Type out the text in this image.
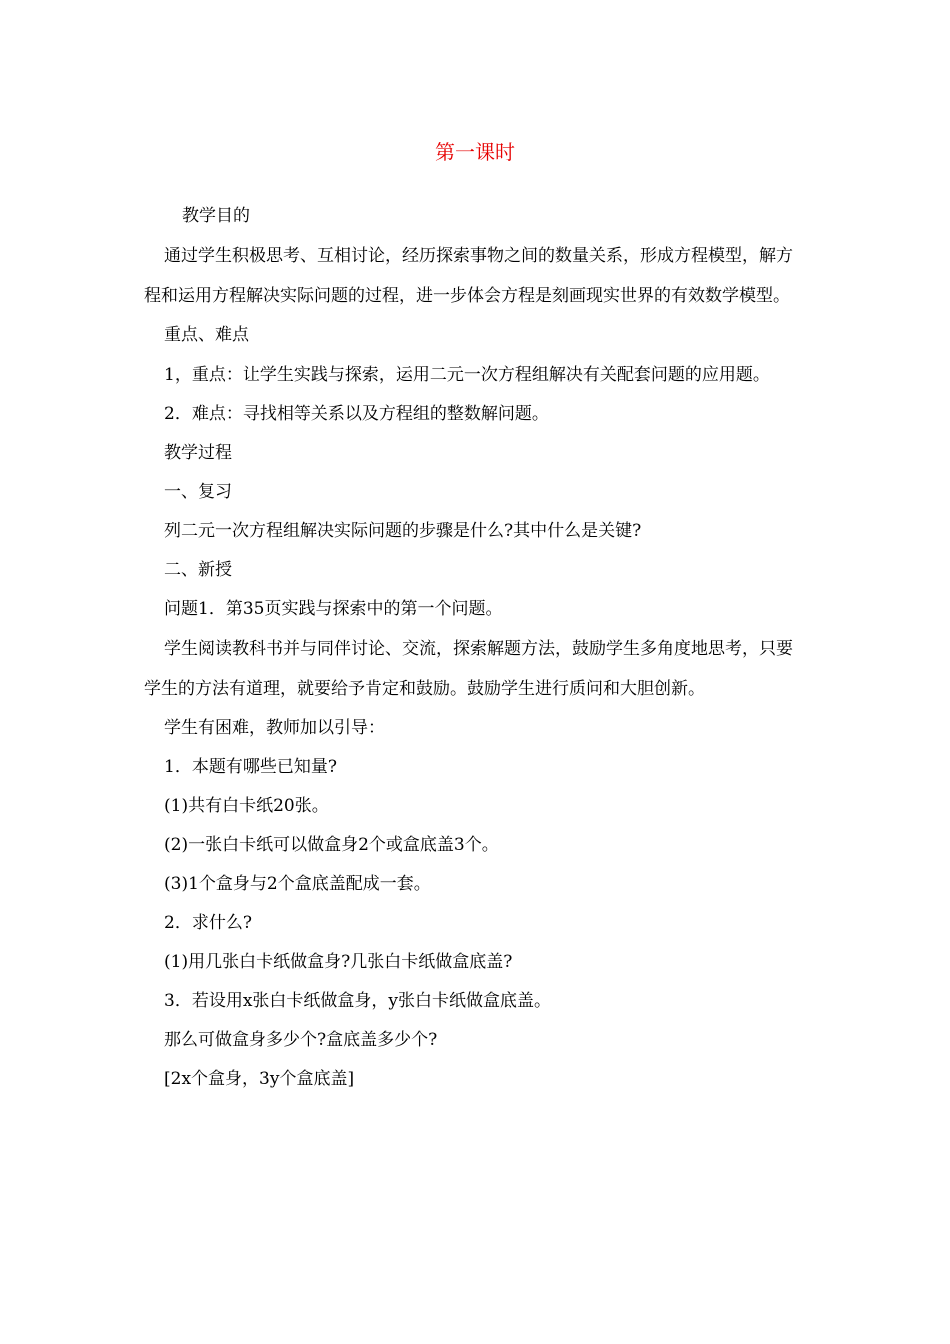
第一课时

教学目的

通过学生积极思考、互相讨论，经历探索事物之间的数量关系，形成方程模型，解方程和运用方程解决实际问题的过程，进一步体会方程是刻画现实世界的有效数学模型。

重点、难点

1，重点：让学生实践与探索，运用二元一次方程组解决有关配套问题的应用题。

2．难点：寻找相等关系以及方程组的整数解问题。

教学过程

一、复习

列二元一次方程组解决实际问题的步骤是什么?其中什么是关键?

二、新授

问题1．第35页实践与探索中的第一个问题。

学生阅读教科书并与同伴讨论、交流，探索解题方法，鼓励学生多角度地思考，只要学生的方法有道理，就要给予肯定和鼓励。鼓励学生进行质问和大胆创新。

学生有困难，教师加以引导：

1．本题有哪些已知量?

(1)共有白卡纸20张。

(2)一张白卡纸可以做盒身2个或盒底盖3个。

(3)1个盒身与2个盒底盖配成一套。

2．求什么?

(1)用几张白卡纸做盒身?几张白卡纸做盒底盖?

3．若设用x张白卡纸做盒身，y张白卡纸做盒底盖。

那么可做盒身多少个?盒底盖多少个?

[2x个盒身，3y个盒底盖]
